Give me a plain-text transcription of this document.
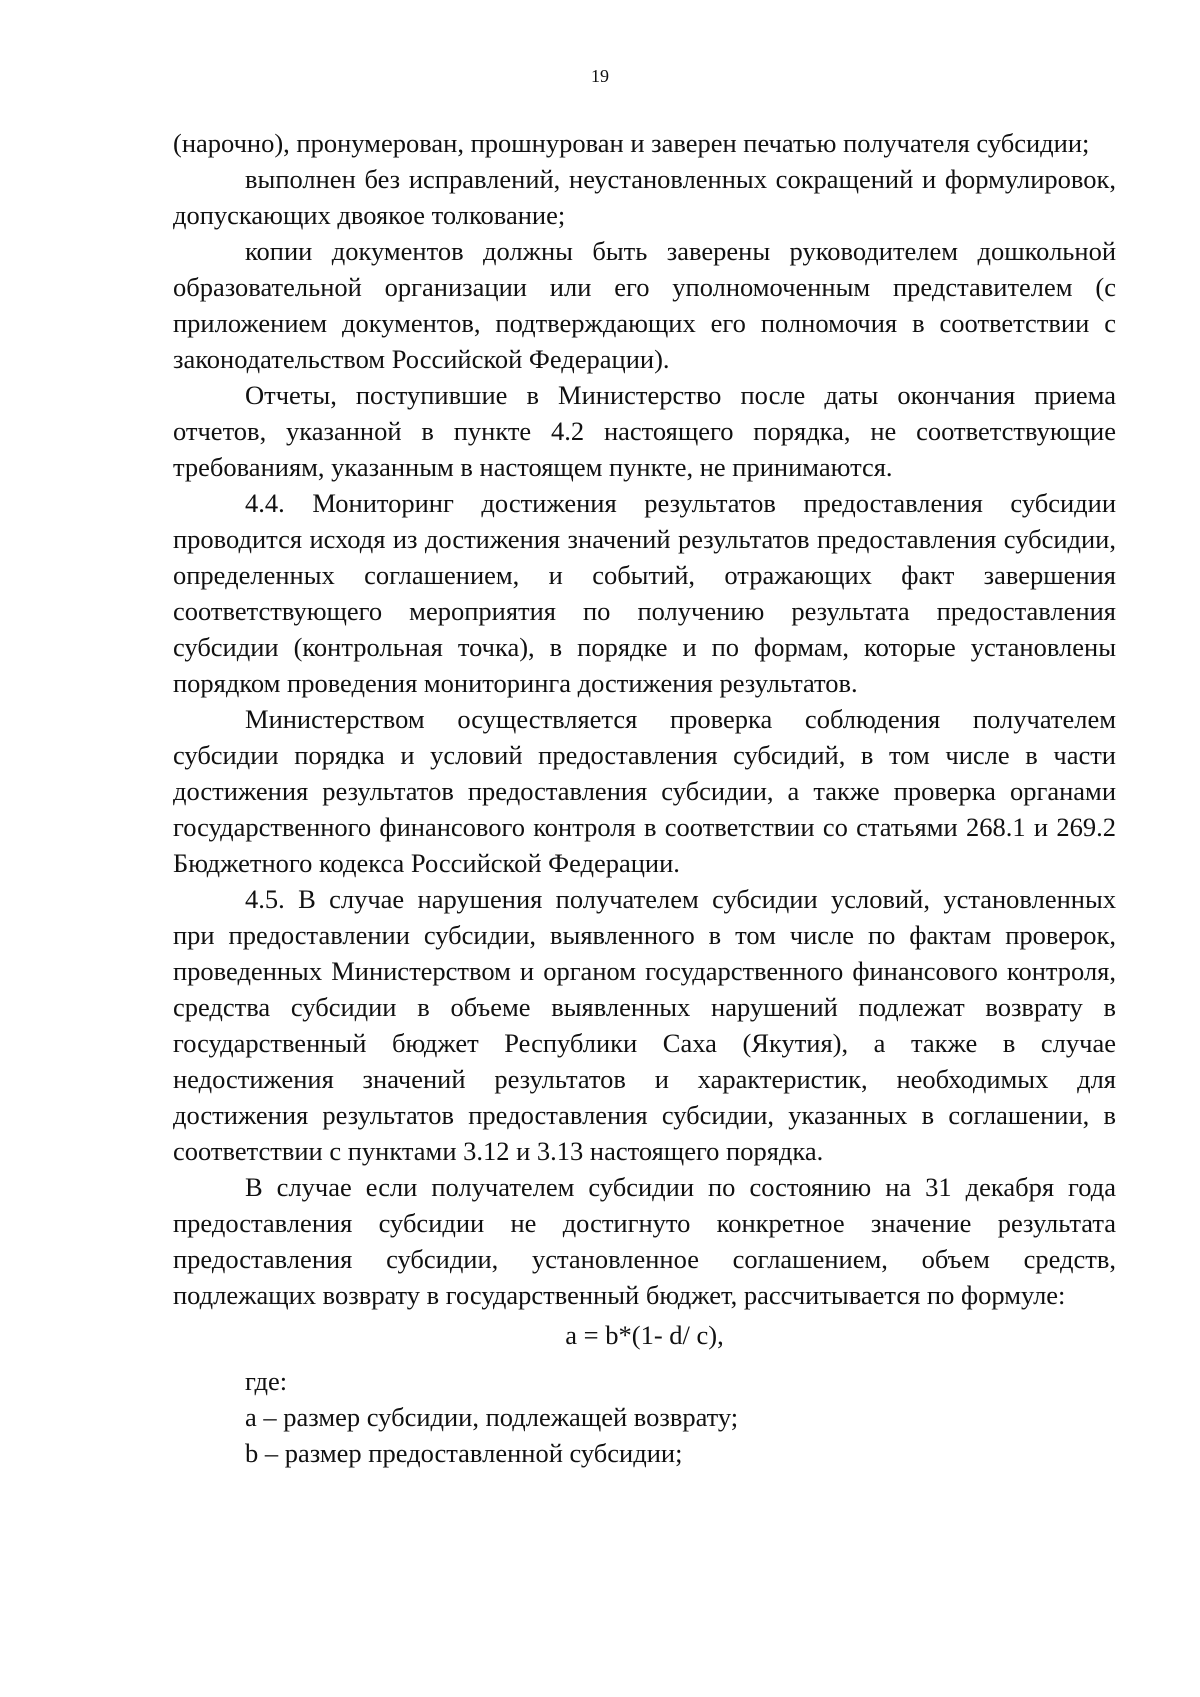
19

(нарочно), пронумерован, прошнурован и заверен печатью получателя субсидии;

выполнен без исправлений, неустановленных сокращений и формулировок, допускающих двоякое толкование;

копии документов должны быть заверены руководителем дошкольной образовательной организации или его уполномоченным представителем (с приложением документов, подтверждающих его полномочия в соответствии с законодательством Российской Федерации).

Отчеты, поступившие в Министерство после даты окончания приема отчетов, указанной в пункте 4.2 настоящего порядка, не соответствующие требованиям, указанным в настоящем пункте, не принимаются.

4.4. Мониторинг достижения результатов предоставления субсидии проводится исходя из достижения значений результатов предоставления субсидии, определенных соглашением, и событий, отражающих факт завершения соответствующего мероприятия по получению результата предоставления субсидии (контрольная точка), в порядке и по формам, которые установлены порядком проведения мониторинга достижения результатов.

Министерством осуществляется проверка соблюдения получателем субсидии порядка и условий предоставления субсидий, в том числе в части достижения результатов предоставления субсидии, а также проверка органами государственного финансового контроля в соответствии со статьями 268.1 и 269.2 Бюджетного кодекса Российской Федерации.

4.5. В случае нарушения получателем субсидии условий, установленных при предоставлении субсидии, выявленного в том числе по фактам проверок, проведенных Министерством и органом государственного финансового контроля, средства субсидии в объеме выявленных нарушений подлежат возврату в государственный бюджет Республики Саха (Якутия), а также в случае недостижения значений результатов и характеристик, необходимых для достижения результатов предоставления субсидии, указанных в соглашении, в соответствии с пунктами 3.12 и 3.13 настоящего порядка.

В случае если получателем субсидии по состоянию на 31 декабря года предоставления субсидии не достигнуто конкретное значение результата предоставления субсидии, установленное соглашением, объем средств, подлежащих возврату в государственный бюджет, рассчитывается по формуле:

a = b*(1- d/ c),

где:

а – размер субсидии, подлежащей возврату;

b – размер предоставленной субсидии;
